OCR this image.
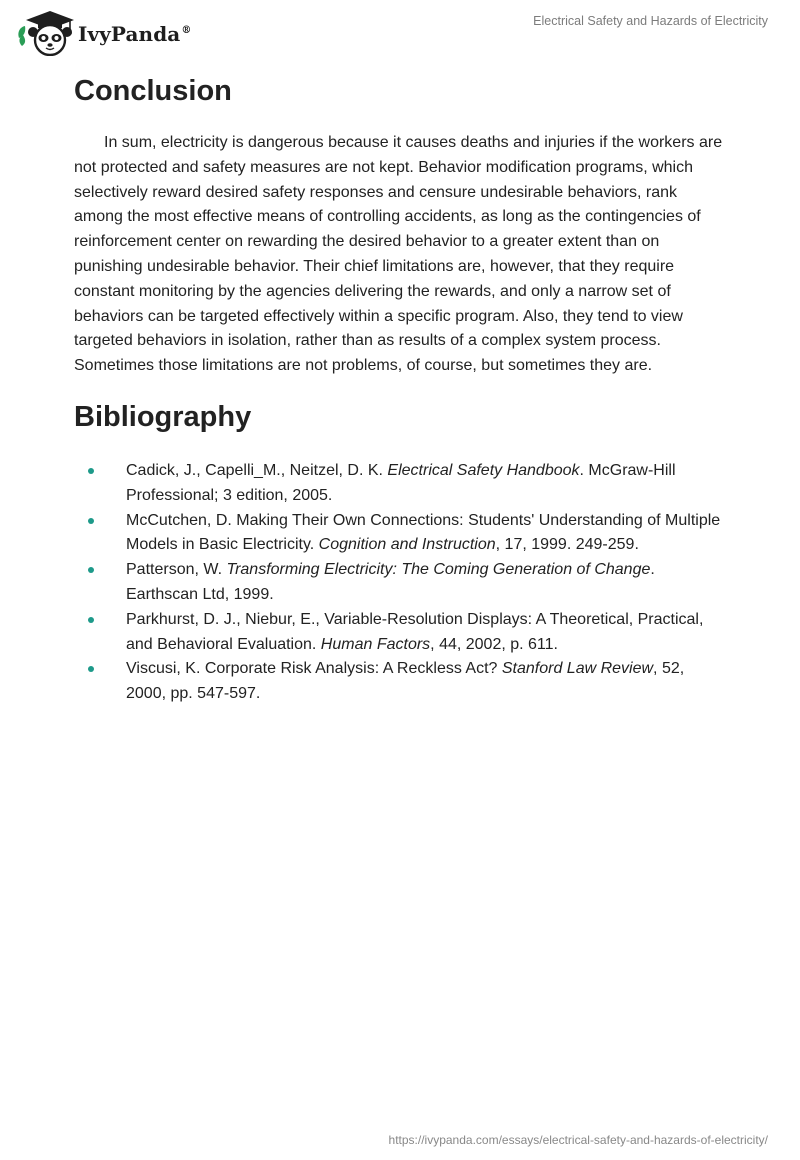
IvyPanda®
Electrical Safety and Hazards of Electricity
Conclusion

In sum, electricity is dangerous because it causes deaths and injuries if the workers are not protected and safety measures are not kept. Behavior modification programs, which selectively reward desired safety responses and censure undesirable behaviors, rank among the most effective means of controlling accidents, as long as the contingencies of reinforcement center on rewarding the desired behavior to a greater extent than on punishing undesirable behavior. Their chief limitations are, however, that they require constant monitoring by the agencies delivering the rewards, and only a narrow set of behaviors can be targeted effectively within a specific program. Also, they tend to view targeted behaviors in isolation, rather than as results of a complex system process. Sometimes those limitations are not problems, of course, but sometimes they are.

Bibliography
Cadick, J., Capelli_M., Neitzel, D. K. Electrical Safety Handbook. McGraw-Hill Professional; 3 edition, 2005.
McCutchen, D. Making Their Own Connections: Students' Understanding of Multiple Models in Basic Electricity. Cognition and Instruction, 17, 1999. 249-259.
Patterson, W. Transforming Electricity: The Coming Generation of Change. Earthscan Ltd, 1999.
Parkhurst, D. J., Niebur, E., Variable-Resolution Displays: A Theoretical, Practical, and Behavioral Evaluation. Human Factors, 44, 2002, p. 611.
Viscusi, K. Corporate Risk Analysis: A Reckless Act? Stanford Law Review, 52, 2000, pp. 547-597.
https://ivypanda.com/essays/electrical-safety-and-hazards-of-electricity/
